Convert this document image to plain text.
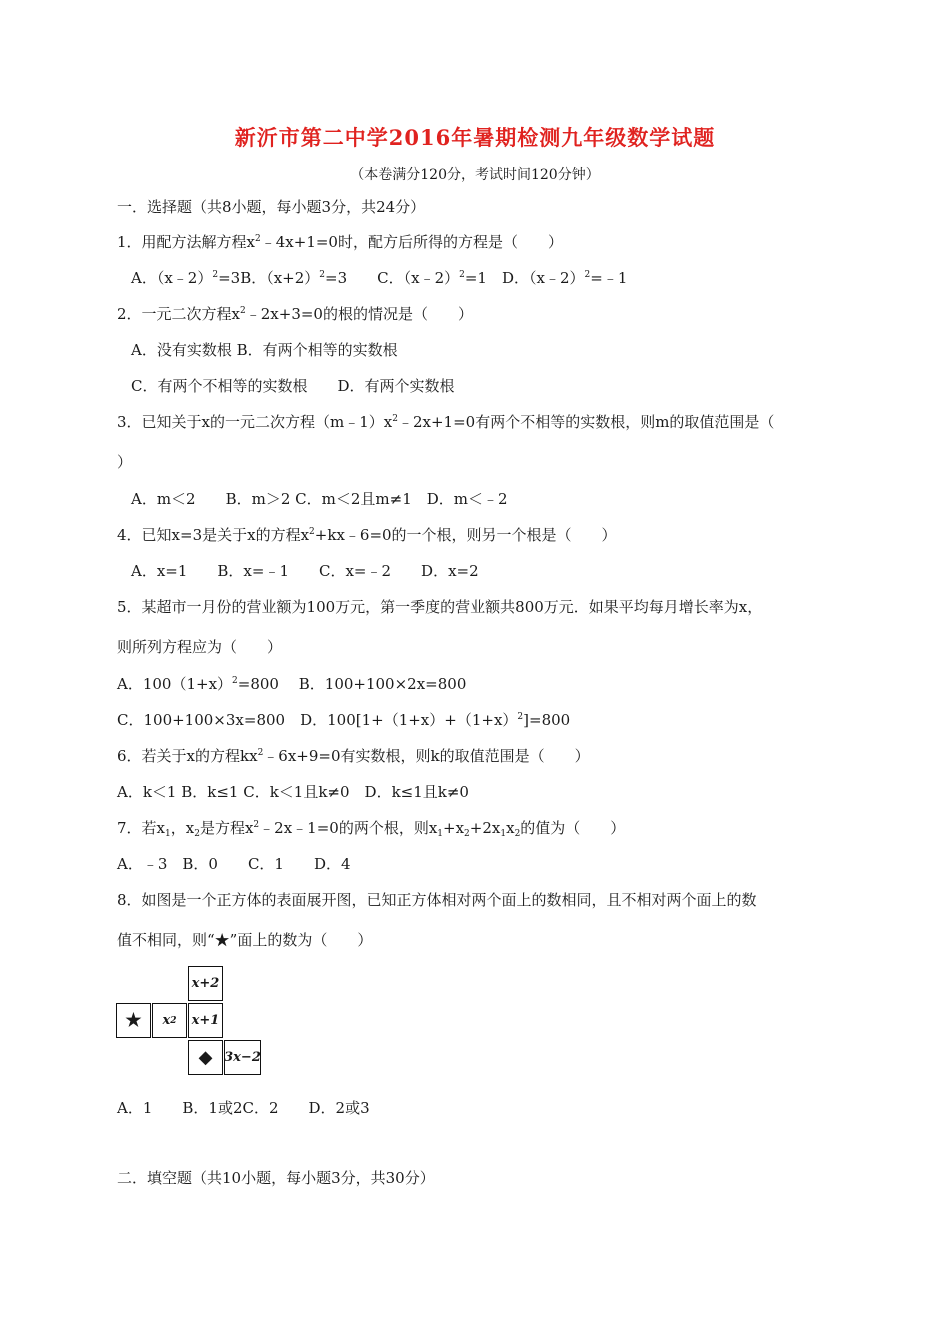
新沂市第二中学2016年暑期检测九年级数学试题
（本卷满分120分，考试时间120分钟）
一．选择题（共8小题，每小题3分，共24分）
1．用配方法解方程$x^2﹣4x+1=0$时，配方后所得的方程是（　　）
A．（x﹣2）$^2$=3B．$(x+2)^2=3$　　C．（x﹣2）$^2$=1　D．（x﹣2）$^2$=﹣1
2．一元二次方程$x^2﹣2x+3=0$的根的情况是（　　）
A．没有实数根 B．有两个相等的实数根
C．有两个不相等的实数根　　D．有两个实数根
3．已知关于x的一元二次方程$(m﹣1)x^2﹣2x+1=0$有两个不相等的实数根，则m的取值范围是（
）
A．m＜2　　B．m＞2 C．m＜2且m≠1　D．m＜﹣2
4．已知x=3是关于x的方程$x^2+kx﹣6=0$的一个根，则另一个根是（　　）
A．x=1　　B．x=﹣1　　C．x=﹣2　　D．x=2
5．某超市一月份的营业额为100万元，第一季度的营业额共800万元．如果平均每月增长率为x，
则所列方程应为（　　）
A．$100(1+x)^2=800$　 B．100+100×2x=800
C．100+100×3x=800　D．$100[1+(1+x)+(1+x)^2]=800$
6．若关于x的方程$kx^2﹣6x+9=0$有实数根，则k的取值范围是（　　）
A．k＜1 B．k≤1 C．k＜1且k≠0　D．k≤1且k≠0
7．若$x_1$，$x_2$是方程$x^2﹣2x﹣1=0$的两个根，则$x_1+x_2+2x_1x_2$的值为（　　）
A．﹣3　B．0　　C．1　　D．4
8．如图是一个正方体的表面展开图，已知正方体相对两个面上的数相同，且不相对两个面上的数
值不相同，则“★”面上的数为（　　）
x+2
★	x 2 x+1
◆ 3x−2
A．1　　B．1或2C．2　　D．2或3
二．填空题（共10小题，每小题3分，共30分）
